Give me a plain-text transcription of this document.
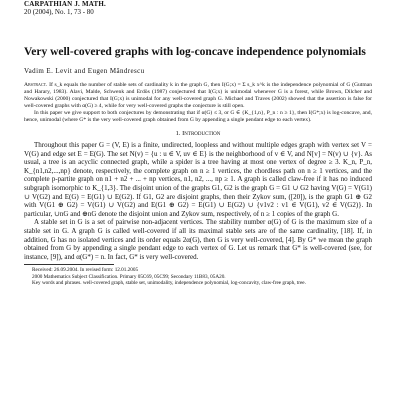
CARPATHIAN J. MATH.
20 (2004), No. 1, 73 - 80
Very well-covered graphs with log-concave independence polynomials
Vadim E. Levit and Eugen Mândrescu
Abstract. If s_k equals the number of stable sets of cardinality k in the graph G, then I(G;x) = Σ s_k x^k is the independence polynomial of G (Gutman and Harary, 1983). Alavi, Malde, Schwenk and Erdös (1987) conjectured that I(G;x) is unimodal whenever G is a forest, while Brown, Dilcher and Nowakowski (2000) conjectured that I(G;x) is unimodal for any well-covered graph G. Michael and Traves (2002) showed that the assertion is false for well-covered graphs with α(G) ≥ 4, while for very well-covered graphs the conjecture is still open.
In this paper we give support to both conjectures by demonstrating that if α(G) ≤ 3, or G ∈ {K_{1,n}, P_n : n ≥ 1}, then I(G*;x) is log-concave, and, hence, unimodal (where G* is the very well-covered graph obtained from G by appending a single pendant edge to each vertex).
1. Introduction

Throughout this paper G = (V, E) is a finite, undirected, loopless and without multiple edges graph with vertex set V = V(G) and edge set E = E(G). The set N(v) = {u : u ∈ V, uv ∈ E} is the neighborhood of v ∈ V, and N[v] = N(v) ∪ {v}. As usual, a tree is an acyclic connected graph, while a spider is a tree having at most one vertex of degree ≥ 3. K_n, P_n, K_{n1,n2,...,np} denote, respectively, the complete graph on n ≥ 1 vertices, the chordless path on n ≥ 1 vertices, and the complete p-partite graph on n1 + n2 + ... + np vertices, n1, n2, ..., np ≥ 1. A graph is called claw-free if it has no induced subgraph isomorphic to K_{1,3}. The disjoint union of the graphs G1, G2 is the graph G = G1 ∪ G2 having V(G) = V(G1) ∪ V(G2) and E(G) = E(G1) ∪ E(G2). If G1, G2 are disjoint graphs, then their Zykov sum, ([20]), is the graph G1 ⊕ G2 with V(G1 ⊕ G2) = V(G1) ∪ V(G2) and E(G1 ⊕ G2) = E(G1) ∪ E(G2) ∪ {v1v2 : v1 ∈ V(G1), v2 ∈ V(G2)}. In particular, ∪nG and ⊕nG denote the disjoint union and Zykov sum, respectively, of n ≥ 1 copies of the graph G.

A stable set in G is a set of pairwise non-adjacent vertices. The stability number α(G) of G is the maximum size of a stable set in G. A graph G is called well-covered if all its maximal stable sets are of the same cardinality, [18]. If, in addition, G has no isolated vertices and its order equals 2α(G), then G is very well-covered, [4]. By G* we mean the graph obtained from G by appending a single pendant edge to each vertex of G. Let us remark that G* is well-covered (see, for instance, [9]), and α(G*) = n. In fact, G* is very well-covered.

Received: 26.09.2004. In revised form: 12.01.2005
2000 Mathematics Subject Classification. Primary 05C69, 05C99; Secondary 11B83, 05A20.
Key words and phrases. well-covered graph, stable set, unimodality, independence polynomial, log-concavity, claw-free graph, tree.
